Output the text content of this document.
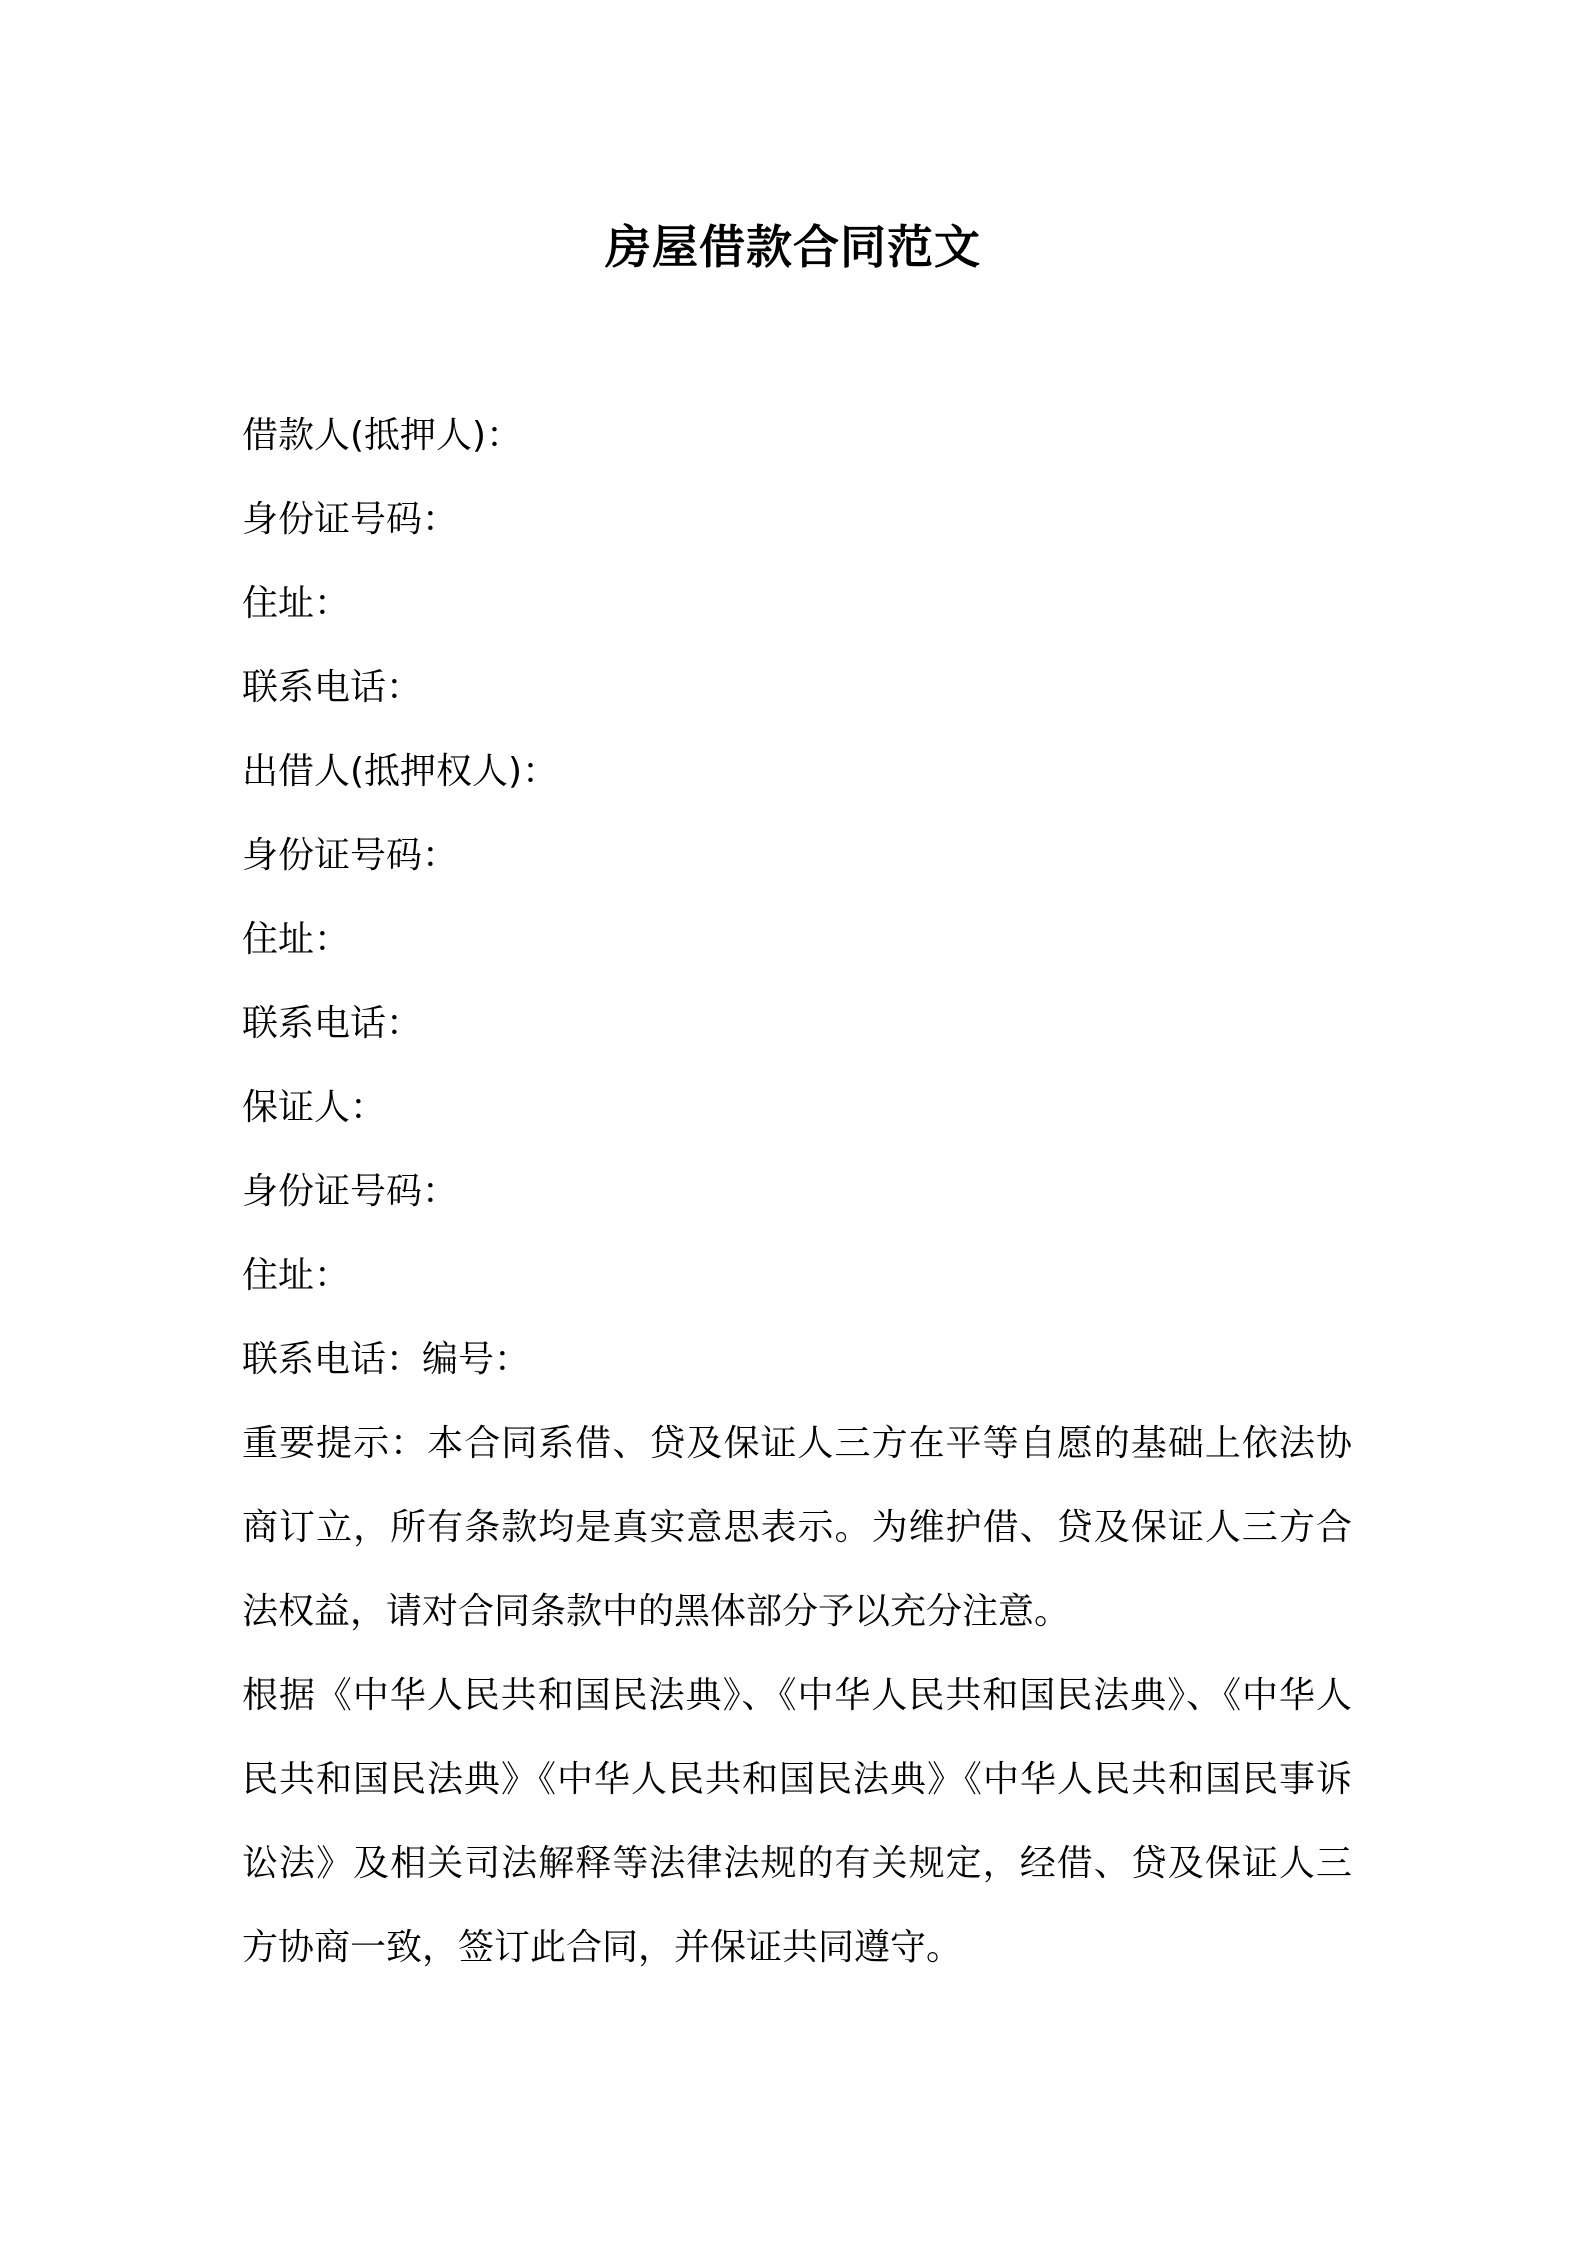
房屋借款合同范文
借款人(抵押人)：
身份证号码：
住址：
联系电话：
出借人(抵押权人)：
身份证号码：
住址：
联系电话：
保证人：
身份证号码：
住址：
联系电话：编号：
重要提示：本合同系借、贷及保证人三方在平等自愿的基础上依法协商订立，所有条款均是真实意思表示。为维护借、贷及保证人三方合法权益，请对合同条款中的黑体部分予以充分注意。
根据《中华人民共和国民法典》、《中华人民共和国民法典》、《中华人民共和国民法典》《中华人民共和国民法典》《中华人民共和国民事诉讼法》及相关司法解释等法律法规的有关规定，经借、贷及保证人三方协商一致，签订此合同，并保证共同遵守。
